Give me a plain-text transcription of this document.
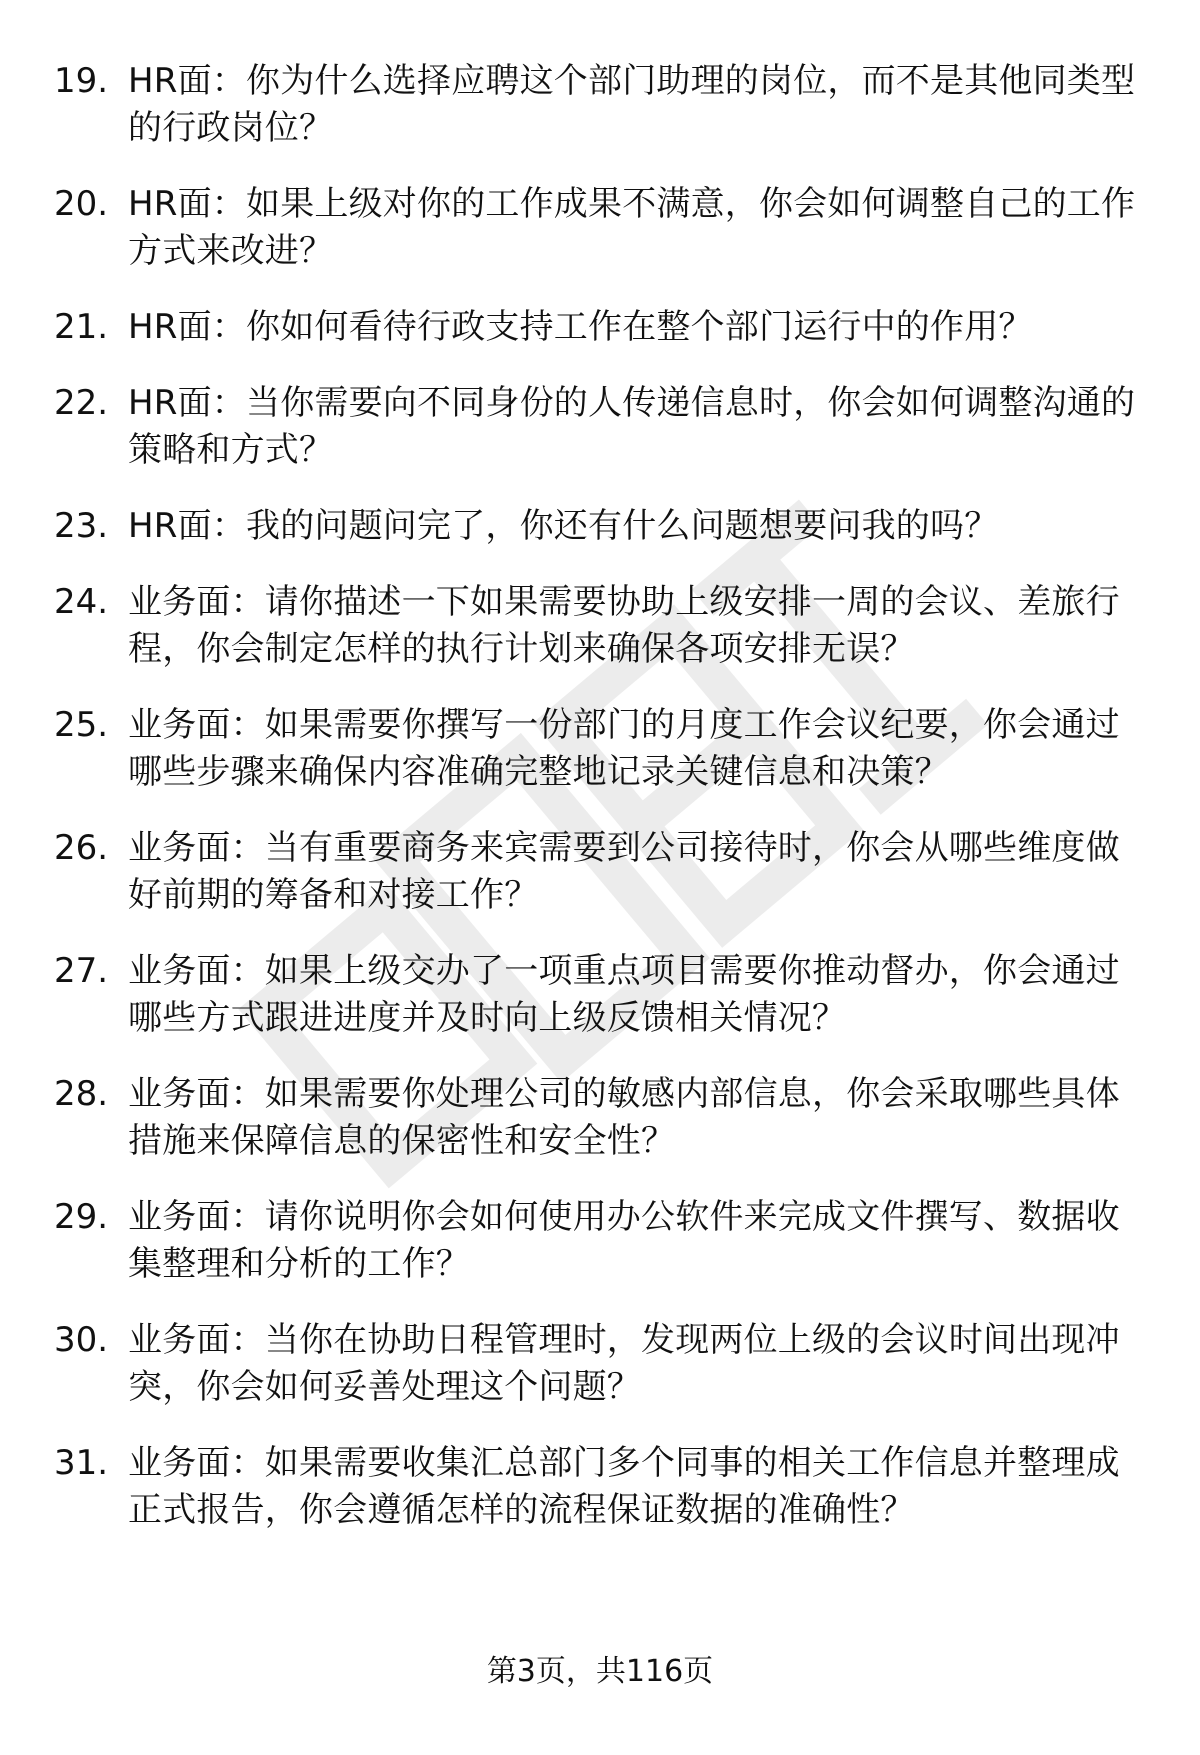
19. HR面：你为什么选择应聘这个部门助理的岗位，而不是其他同类型的行政岗位？
20. HR面：如果上级对你的工作成果不满意，你会如何调整自己的工作方式来改进？
21. HR面：你如何看待行政支持工作在整个部门运行中的作用？
22. HR面：当你需要向不同身份的人传递信息时，你会如何调整沟通的策略和方式？
23. HR面：我的问题问完了，你还有什么问题想要问我的吗？
24. 业务面：请你描述一下如果需要协助上级安排一周的会议、差旅行程，你会制定怎样的执行计划来确保各项安排无误？
25. 业务面：如果需要你撰写一份部门的月度工作会议纪要，你会通过哪些步骤来确保内容准确完整地记录关键信息和决策？
26. 业务面：当有重要商务来宾需要到公司接待时，你会从哪些维度做好前期的筹备和对接工作？
27. 业务面：如果上级交办了一项重点项目需要你推动督办，你会通过哪些方式跟进进度并及时向上级反馈相关情况？
28. 业务面：如果需要你处理公司的敏感内部信息，你会采取哪些具体措施来保障信息的保密性和安全性？
29. 业务面：请你说明你会如何使用办公软件来完成文件撰写、数据收集整理和分析的工作？
30. 业务面：当你在协助日程管理时，发现两位上级的会议时间出现冲突，你会如何妥善处理这个问题？
31. 业务面：如果需要收集汇总部门多个同事的相关工作信息并整理成正式报告，你会遵循怎样的流程保证数据的准确性？
第3页，共116页
